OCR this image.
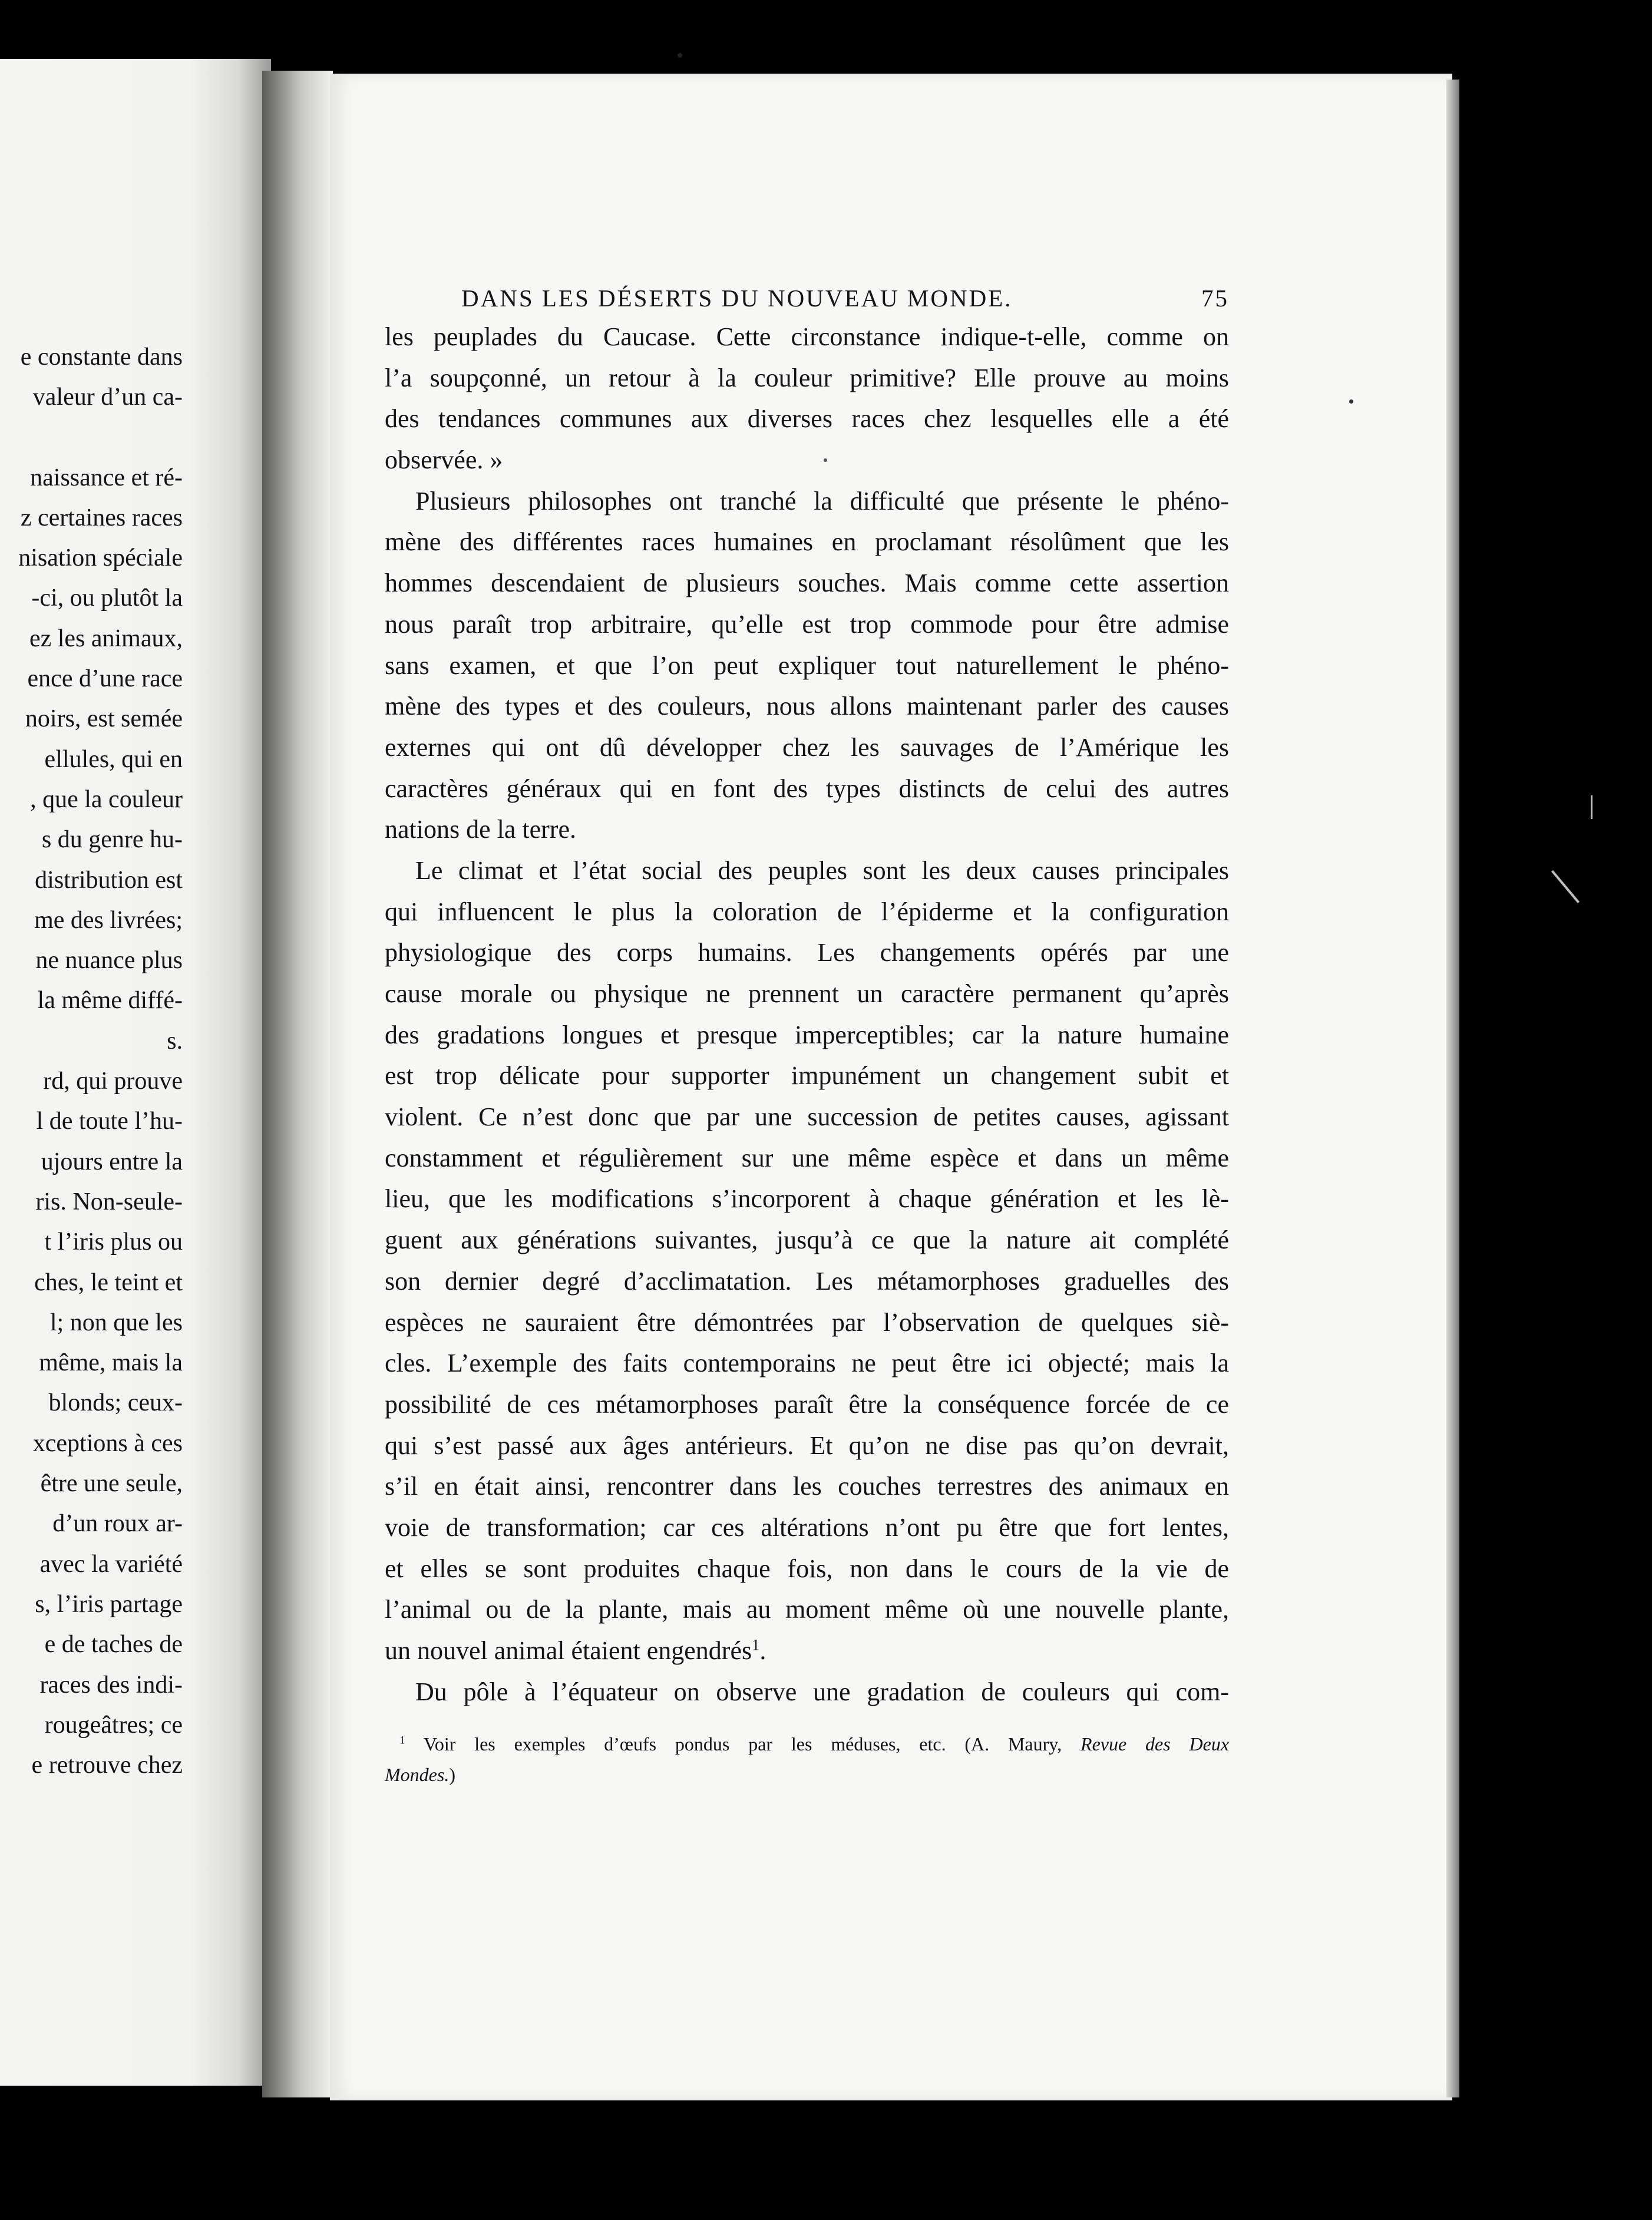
e constante dans
valeur d’un ca-
naissance et ré-
z certaines races
nisation spéciale
-ci, ou plutôt la
ez les animaux,
ence d’une race
noirs, est semée
ellules, qui en
, que la couleur
s du genre hu-
distribution est
me des livrées;
ne nuance plus
la même diffé-
s.
rd, qui prouve
l de toute l’hu-
ujours entre la
ris. Non-seule-
t l’iris plus ou
ches, le teint et
l; non que les
même, mais la
blonds; ceux-
xceptions à ces
être une seule,
d’un roux ar-
avec la variété
s, l’iris partage
e de taches de
races des indi-
rougeâtres; ce
e retrouve chez
DANS LES DÉSERTS DU NOUVEAU MONDE.	75
les peuplades du Caucase. Cette circonstance indique-t-elle, comme on
l’a soupçonné, un retour à la couleur primitive? Elle prouve au moins
des tendances communes aux diverses races chez lesquelles elle a été
observée. »
Plusieurs philosophes ont tranché la difficulté que présente le phéno-
mène des différentes races humaines en proclamant résolûment que les
hommes descendaient de plusieurs souches. Mais comme cette assertion
nous paraît trop arbitraire, qu’elle est trop commode pour être admise
sans examen, et que l’on peut expliquer tout naturellement le phéno-
mène des types et des couleurs, nous allons maintenant parler des causes
externes qui ont dû développer chez les sauvages de l’Amérique les
caractères généraux qui en font des types distincts de celui des autres
nations de la terre.
Le climat et l’état social des peuples sont les deux causes principales
qui influencent le plus la coloration de l’épiderme et la configuration
physiologique des corps humains. Les changements opérés par une
cause morale ou physique ne prennent un caractère permanent qu’après
des gradations longues et presque imperceptibles; car la nature humaine
est trop délicate pour supporter impunément un changement subit et
violent. Ce n’est donc que par une succession de petites causes, agissant
constamment et régulièrement sur une même espèce et dans un même
lieu, que les modifications s’incorporent à chaque génération et les lè-
guent aux générations suivantes, jusqu’à ce que la nature ait complété
son dernier degré d’acclimatation. Les métamorphoses graduelles des
espèces ne sauraient être démontrées par l’observation de quelques siè-
cles. L’exemple des faits contemporains ne peut être ici objecté; mais la
possibilité de ces métamorphoses paraît être la conséquence forcée de ce
qui s’est passé aux âges antérieurs. Et qu’on ne dise pas qu’on devrait,
s’il en était ainsi, rencontrer dans les couches terrestres des animaux en
voie de transformation; car ces altérations n’ont pu être que fort lentes,
et elles se sont produites chaque fois, non dans le cours de la vie de
l’animal ou de la plante, mais au moment même où une nouvelle plante,
un nouvel animal étaient engendrés$^1$.
Du pôle à l’équateur on observe une gradation de couleurs qui com-
$^1$ Voir les exemples d’œufs pondus par les méduses, etc. (A. Maury, Revue des Deux
Mondes.)
